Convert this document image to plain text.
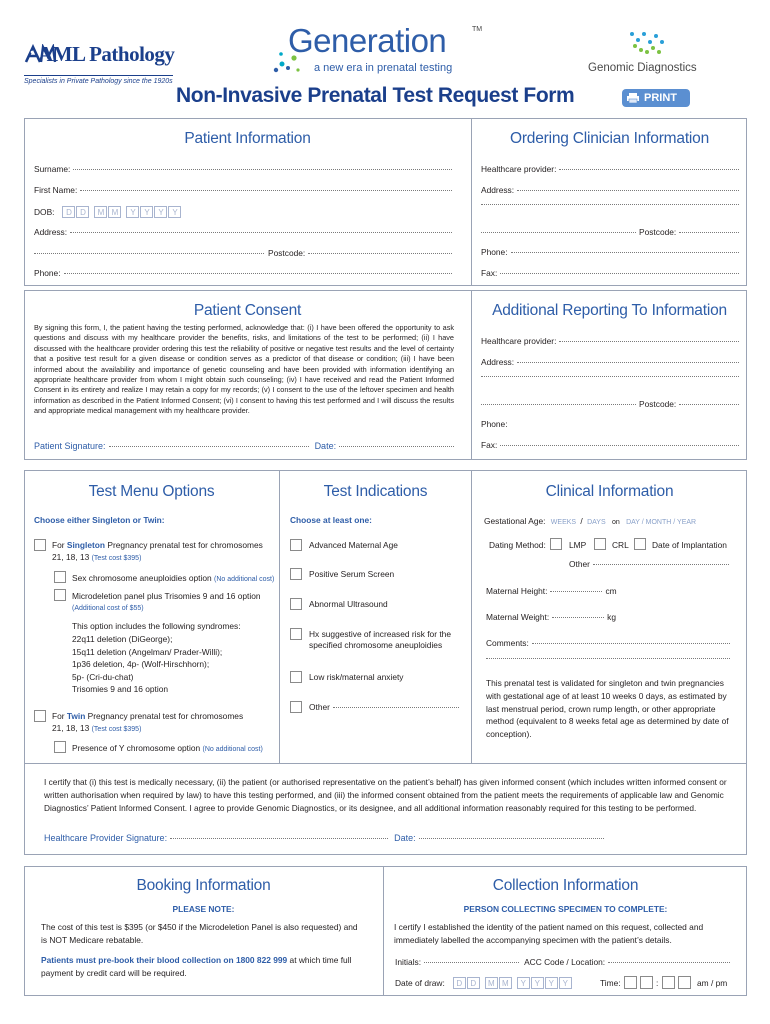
AML Pathology
Specialists in Private Pathology since the 1920s
Generation	TM
a new era in prenatal testing	Genomic Diagnostics
Non-Invasive Prenatal Test Request Form	PRINT
Patient Information	Ordering Clinician Information
Surname:
First Name:
DOB:	D D M M Y Y Y Y
Address:
Postcode:
Phone:
Healthcare provider:
Address:
Postcode:
Phone:
Fax:
Patient Consent	Additional Reporting To Information
By signing this form, I, the patient having the testing performed, acknowledge that: (i) I have been offered the opportunity to ask questions and discuss with my healthcare provider the benefits, risks, and limitations of the test to be performed; (ii) I have discussed with the healthcare provider ordering this test the reliability of positive or negative test results and the level of certainty that a positive test result for a given disease or condition serves as a predictor of that disease or condition; (iii) I have been informed about the availability and importance of genetic counseling and have been provided with information identifying an appropriate healthcare provider from whom I might obtain such counseling; (iv) I have received and read the Patient Informed Consent in its entirety and realize I may retain a copy for my records; (v) I consent to the use of the leftover specimen and health information as described in the Patient Informed Consent; (vi) I consent to having this test performed and I will discuss the results and appropriate medical management with my healthcare provider.
Patient Signature:	Date:
Healthcare provider:
Address:
Postcode:
Phone:
Fax:
Test Menu Options	Test Indications	Clinical Information
Choose either Singleton or Twin:
For Singleton Pregnancy prenatal test for chromosomes
21, 18, 13 (Test cost $395)
Sex chromosome aneuploidies option (No additional cost)
Microdeletion panel plus Trisomies 9 and 16 option
(Additional cost of $55)
This option includes the following syndromes:
22q11 deletion (DiGeorge);
15q11 deletion (Angelman/ Prader-Willi);
1p36 deletion, 4p- (Wolf-Hirschhorn);
5p- (Cri-du-chat)
Trisomies 9 and 16 option
For Twin Pregnancy prenatal test for chromosomes
21, 18, 13 (Test cost $395)
Presence of Y chromosome option (No additional cost)
Choose at least one:
Advanced Maternal Age
Positive Serum Screen
Abnormal Ultrasound
Hx suggestive of increased risk for the
specified chromosome aneuploidies
Low risk/maternal anxiety
Other
Gestational Age: WEEKS / DAYS on DAY / MONTH / YEAR
Dating Method:	LMP	CRL	Date of Implantation
Other
Maternal Height:	cm
Maternal Weight:	kg
Comments:
This prenatal test is validated for singleton and twin pregnancies with gestational age of at least 10 weeks 0 days, as estimated by last menstrual period, crown rump length, or other appropriate method (equivalent to 8 weeks fetal age as determined by date of conception).
I certify that (i) this test is medically necessary, (ii) the patient (or authorised representative on the patient’s behalf) has given informed consent (which includes written informed consent or written authorisation when required by law) to have this testing performed, and (iii) the informed consent obtained from the patient meets the requirements of applicable law and Genomic Diagnostics’ Patient Informed Consent. I agree to provide Genomic Diagnostics, or its designee, and all additional information reasonably required for this testing to be performed.
Healthcare Provider Signature:	Date:
Booking Information	Collection Information
PLEASE NOTE:
The cost of this test is $395 (or $450 if the Microdeletion Panel is also requested) and is NOT Medicare rebatable.
Patients must pre-book their blood collection on 1800 822 999 at which time full payment by credit card will be required.
PERSON COLLECTING SPECIMEN TO COMPLETE:
I certify I established the identity of the patient named on this request, collected and immediately labelled the accompanying specimen with the patient’s details.
Initials:	ACC Code / Location:
Date of draw:	D D M M Y Y Y Y	Time:	:	am / pm
